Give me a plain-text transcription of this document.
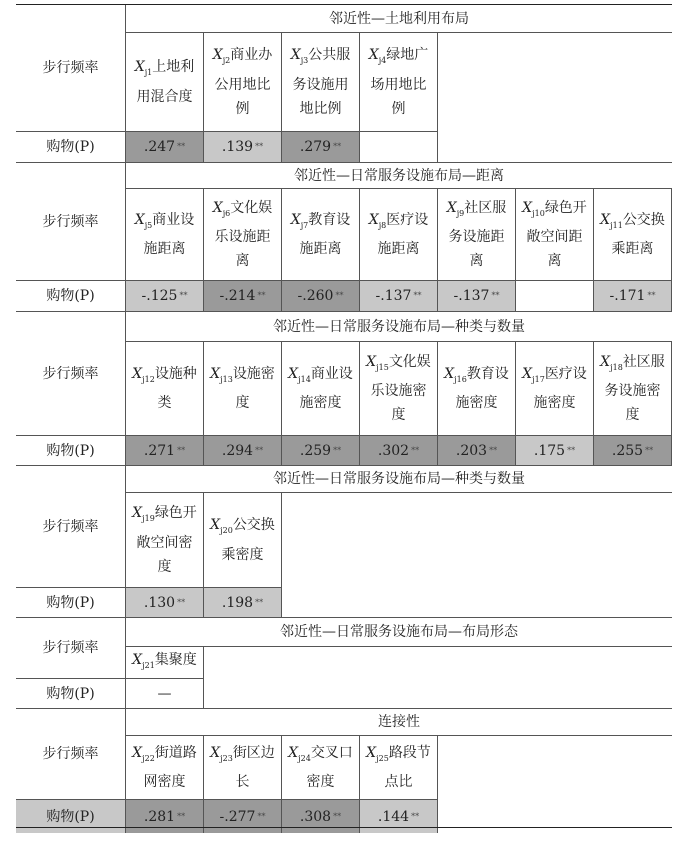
步行频率
购物(P)
邻近性—土地利用布局
$X_{j1}$上地利用混合度
.247 **
$X_{j2}$商业办公用地比例
.139 **
$X_{j3}$公共服务设施用地比例
.279 **
$X_{j4}$绿地广场用地比例
步行频率
购物(P)
邻近性—日常服务设施布局—距离
$X_{j5}$商业设施距离
-.125 **
$X_{j6}$文化娱乐设施距离
-.214 **
$X_{j7}$教育设施距离
-.260 **
$X_{j8}$医疗设施距离
-.137 **
$X_{j9}$社区服务设施距离
-.137 **
$X_{j10}$绿色开敞空间距离
$X_{j11}$公交换乘距离
-.171 **
步行频率
购物(P)
邻近性—日常服务设施布局—种类与数量
$X_{j12}$设施种类
.271 **
$X_{j13}$设施密度
.294 **
$X_{j14}$商业设施密度
.259 **
$X_{j15}$文化娱乐设施密度
.302 **
$X_{j16}$教育设施密度
.203 **
$X_{j17}$医疗设施密度
.175 **
$X_{j18}$社区服务设施密度
.255 **
步行频率
购物(P)
邻近性—日常服务设施布局—种类与数量
$X_{j19}$绿色开敞空间密度
.130 **
$X_{j20}$公交换乘密度
.198 **
步行频率
购物(P)
邻近性—日常服务设施布局—布局形态
$X_{j21}$集聚度
—
步行频率
购物(P)
连接性
$X_{j22}$街道路网密度
.281 **
$X_{j23}$街区边长
-.277 **
$X_{j24}$交叉口密度
.308 **
$X_{j25}$路段节点比
.144 **
